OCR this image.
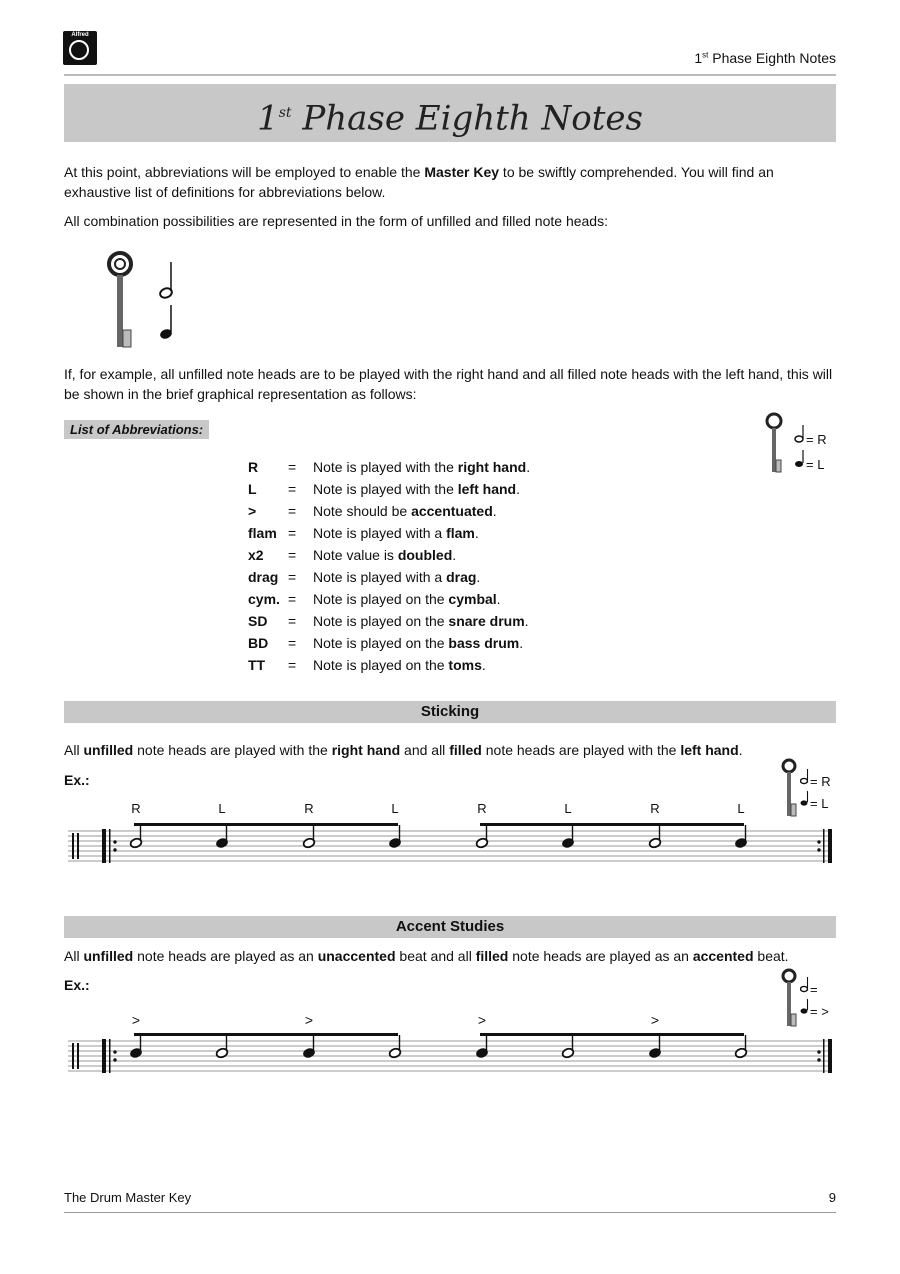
Alfred
1st Phase Eighth Notes
1st Phase Eighth Notes

At this point, abbreviations will be employed to enable the Master Key to be swiftly comprehended. You will find an exhaustive list of definitions for abbreviations below.

All combination possibilities are represented in the form of unfilled and filled note heads:

If, for example, all unfilled note heads are to be played with the right hand and all filled note heads with the left hand, this will be shown in the brief graphical representation as follows:

List of Abbreviations:
= R
= L
R = Note is played with the right hand.
L = Note is played with the left hand.
> = Note should be accentuated.
flam = Note is played with a flam.
x2 = Note value is doubled.
drag = Note is played with a drag.
cym. = Note is played on the cymbal.
SD = Note is played on the snare drum.
BD = Note is played on the bass drum.
TT = Note is played on the toms.
Sticking

All unfilled note heads are played with the right hand and all filled note heads are played with the left hand.

Ex.:	= R
= L
R	L	R	L	R	L	R	L
Accent Studies

All unfilled note heads are played as an unaccented beat and all filled note heads are played as an accented beat.

Ex.:	=
= >
>	>	>	>
The Drum Master Key	9
